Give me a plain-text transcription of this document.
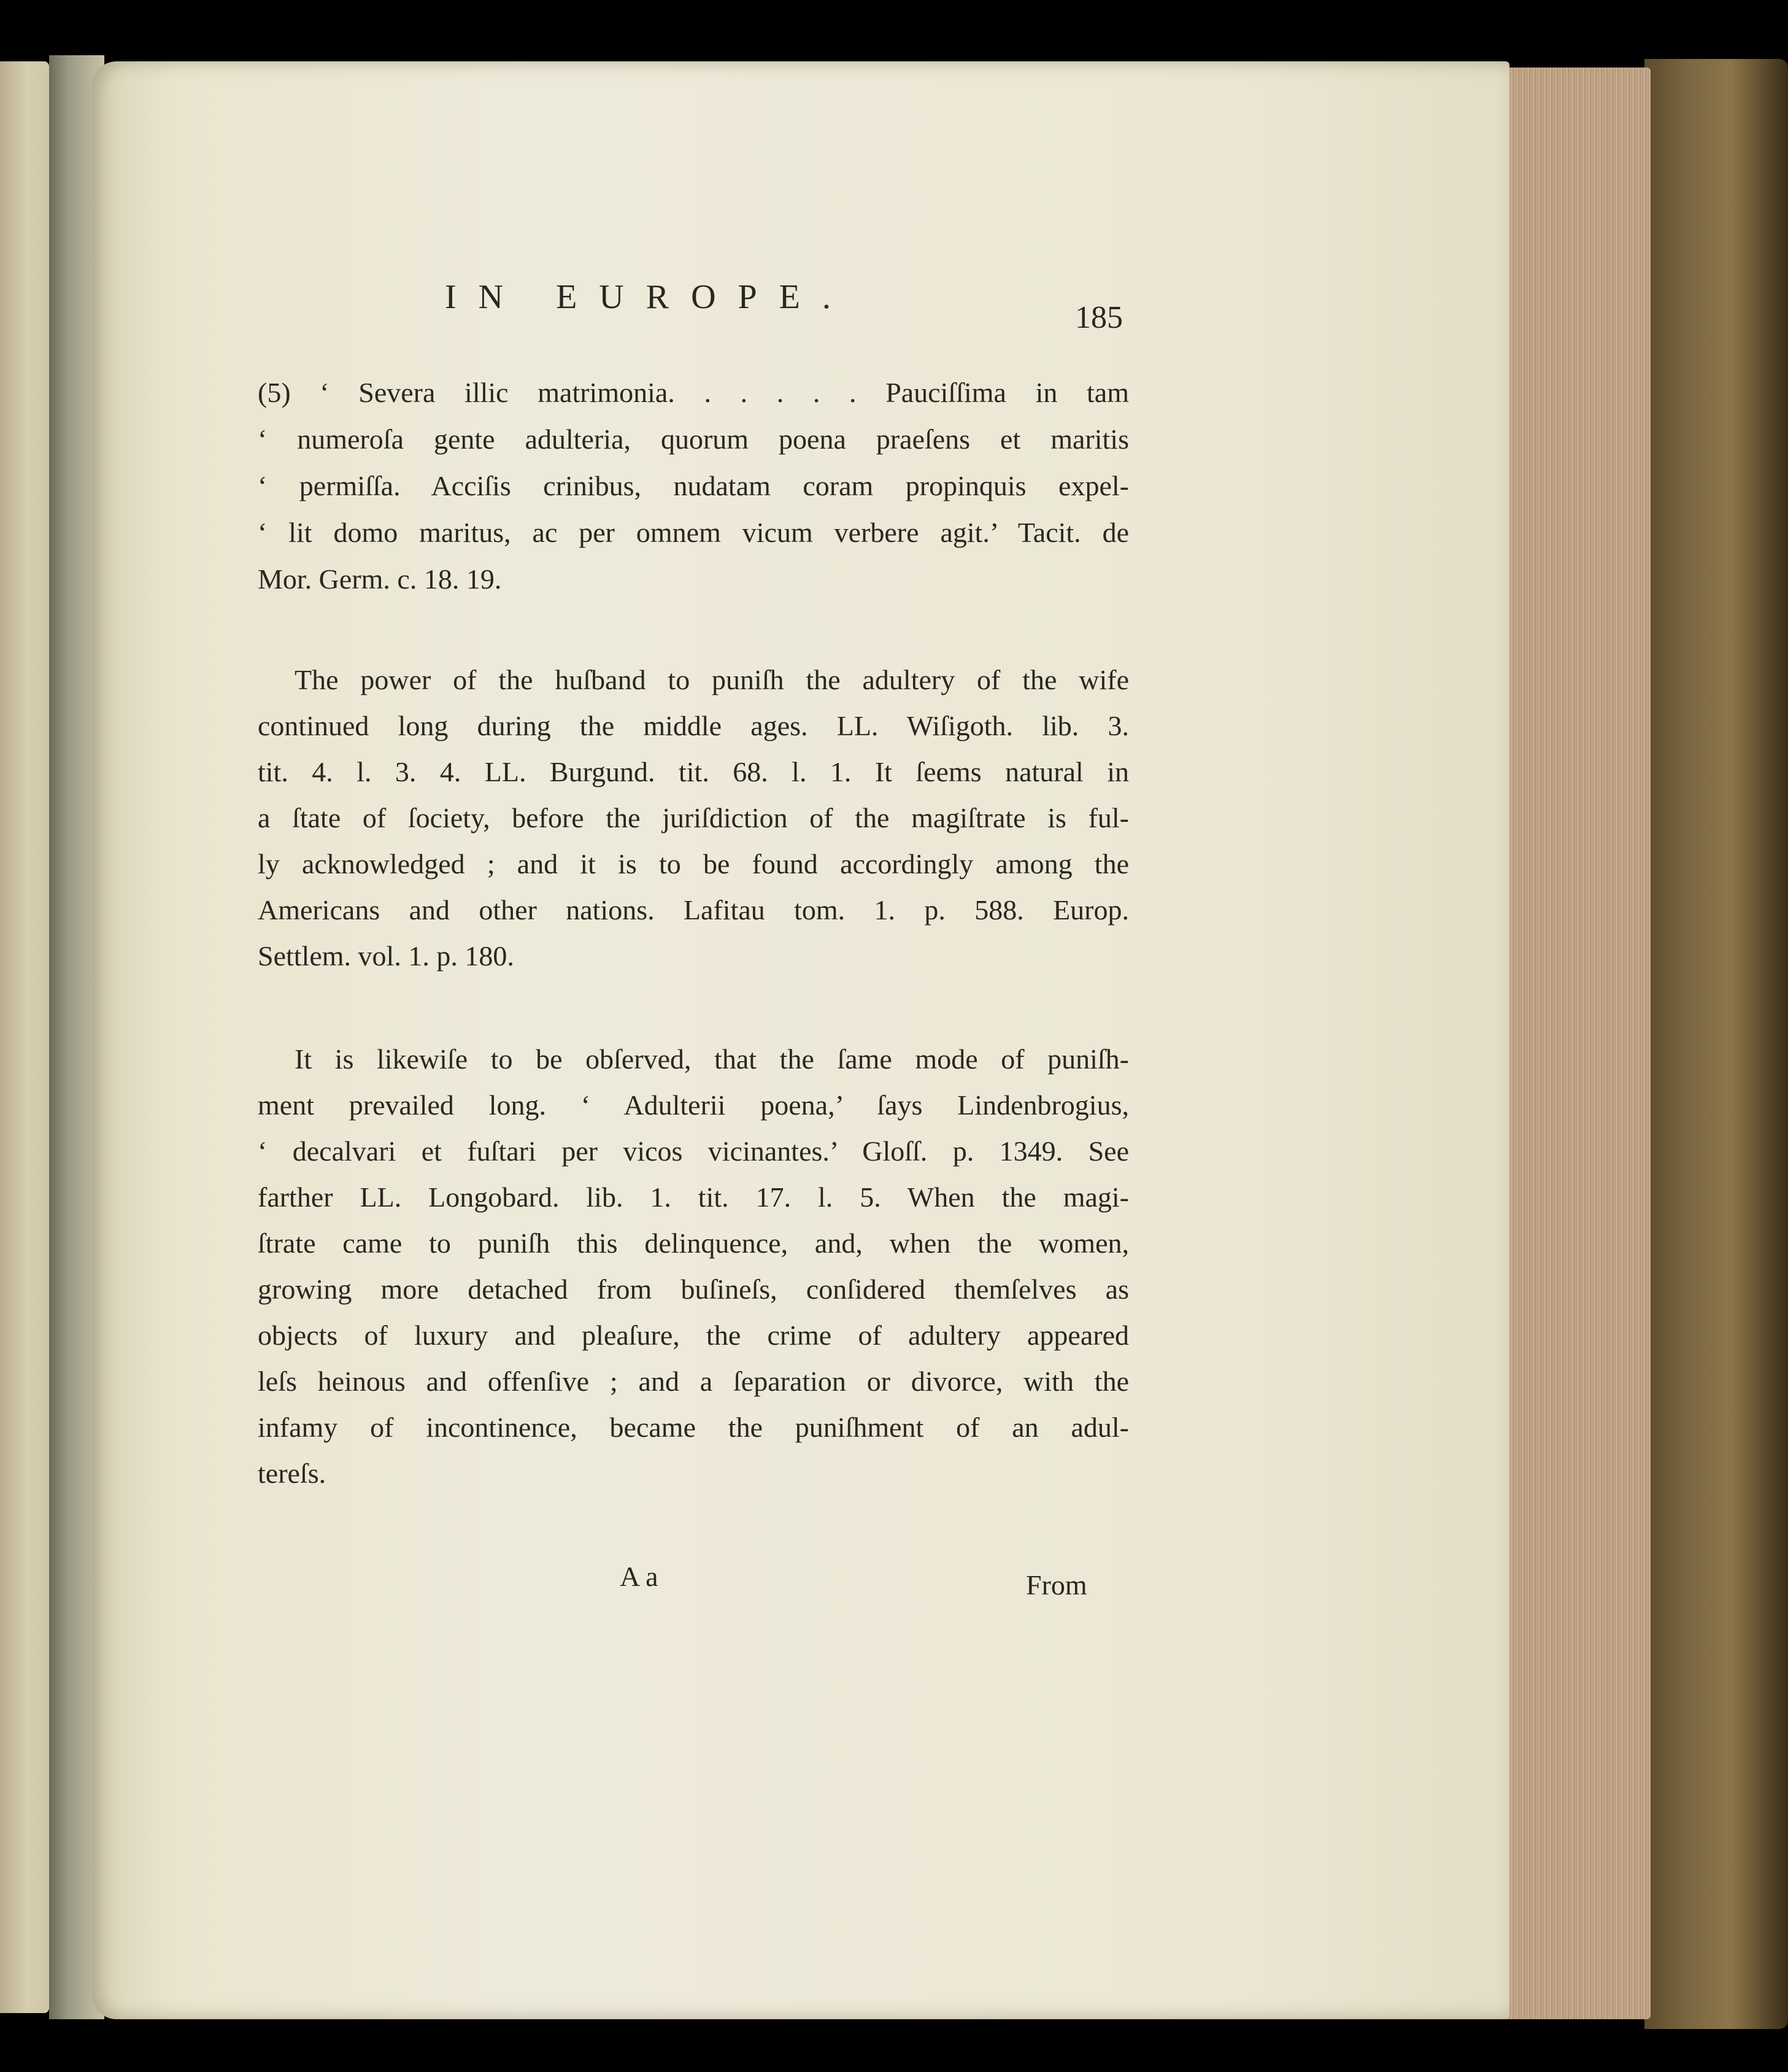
IN EUROPE.
185
(5) ‘ Severa illic matrimonia. . . . . . Pauciſſima in tam
‘ numeroſa gente adulteria, quorum poena praeſens et maritis
‘ permiſſa. Acciſis crinibus, nudatam coram propinquis expel-
‘ lit domo maritus, ac per omnem vicum verbere agit.’ Tacit. de
Mor. Germ. c. 18. 19.
The power of the huſband to puniſh the adultery of the wife
continued long during the middle ages. LL. Wiſigoth. lib. 3.
tit. 4. l. 3. 4. LL. Burgund. tit. 68. l. 1. It ſeems natural in
a ſtate of ſociety, before the juriſdiction of the magiſtrate is ful-
ly acknowledged ; and it is to be found accordingly among the
Americans and other nations. Lafitau tom. 1. p. 588. Europ.
Settlem. vol. 1. p. 180.
It is likewiſe to be obſerved, that the ſame mode of puniſh-
ment prevailed long. ‘ Adulterii poena,’ ſays Lindenbrogius,
‘ decalvari et fuſtari per vicos vicinantes.’ Gloſſ. p. 1349. See
farther LL. Longobard. lib. 1. tit. 17. l. 5. When the magi-
ſtrate came to puniſh this delinquence, and, when the women,
growing more detached from buſineſs, conſidered themſelves as
objects of luxury and pleaſure, the crime of adultery appeared
leſs heinous and offenſive ; and a ſeparation or divorce, with the
infamy of incontinence, became the puniſhment of an adul-
tereſs.
A a	From
